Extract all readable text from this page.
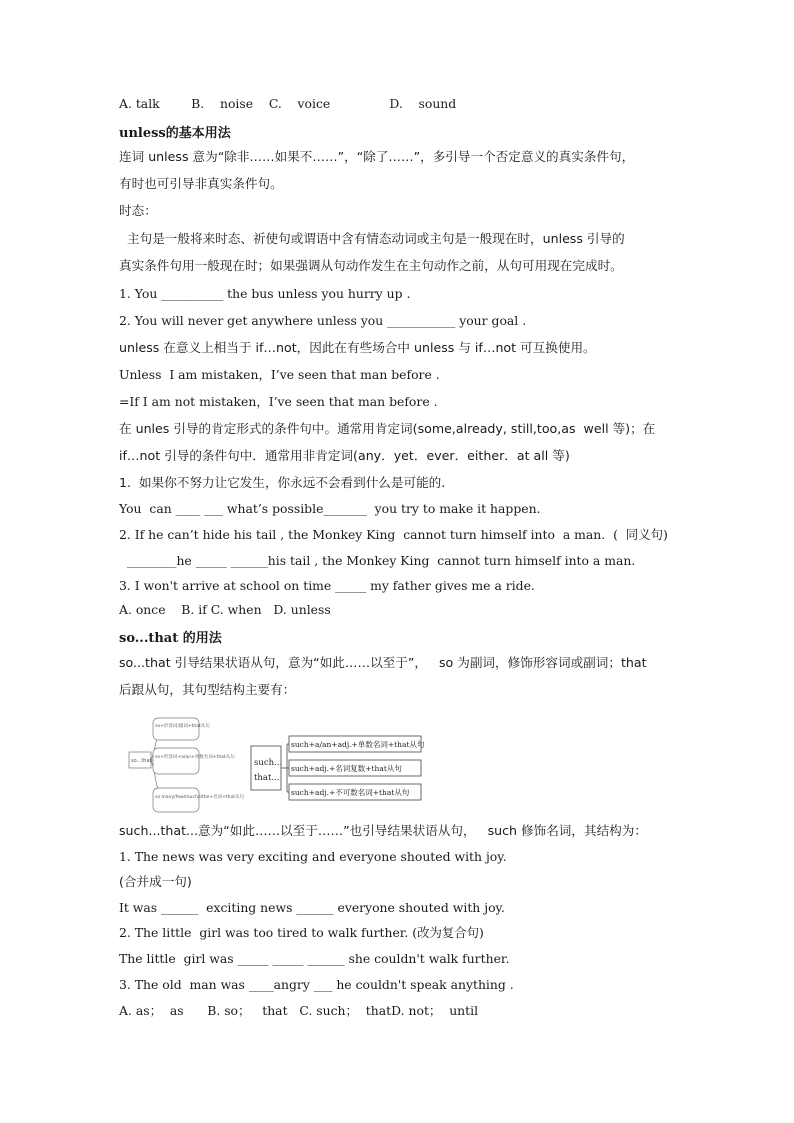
A. talk        B.    noise    C.    voice               D.    sound
unless的基本用法
连词 unless 意为“除非……如果不……”，“除了……”，多引导一个否定意义的真实条件句，
有时也可引导非真实条件句。
时态：
主句是一般将来时态、祈使句或谓语中含有情态动词或主句是一般现在时，unless 引导的
真实条件句用一般现在时；如果强调从句动作发生在主句动作之前，从句可用现在完成时。
1. You __________ the bus unless you hurry up .
2. You will never get anywhere unless you ___________ your goal .
unless 在意义上相当于 if…not，因此在有些场合中 unless 与 if…not 可互换使用。
Unless  I am mistaken，I’ve seen that man before .
=If I am not mistaken，I’ve seen that man before .
在 unles 引导的肯定形式的条件句中。通常用肯定词(some,already, still,too,as  well 等)；在
if…not 引导的条件句中．通常用非肯定词(any．yet．ever．either．at all 等)
1.  如果你不努力让它发生，你永远不会看到什么是可能的.
You  can ____ ___ what’s possible_______  you try to make it happen.
2. If he can’t hide his tail , the Monkey King  cannot turn himself into  a man.  (  同义句)
________he _____ ______his tail , the Monkey King  cannot turn himself into a man.
3. I won't arrive at school on time _____ my father gives me a ride.
A. once    B. if C. when   D. unless
so...that 的用法
so...that 引导结果状语从句，意为“如此……以至于”，   so 为副词，修饰形容词或副词；that
后跟从句，其句型结构主要有：
so...that
so+形容词/副词+that从句
so+形容词+a/an+单数名词+that从句
so many/few/much/little+名词+that从句
such...
that...
such+a/an+adj.+单数名词+that从句
such+adj.+名词复数+that从句
such+adj.+不可数名词+that从句
such...that...意为“如此……以至于……”也引导结果状语从句，   such 修饰名词，其结构为：
1. The news was very exciting and everyone shouted with joy.
(合并成一句)
It was ______  exciting news ______ everyone shouted with joy.
2. The little  girl was too tired to walk further. (改为复合句)
The little  girl was _____ _____ ______ she couldn't walk further.
3. The old  man was ____angry ___ he couldn't speak anything .
A. as；  as      B. so；   that   C. such；  thatD. not；  until
